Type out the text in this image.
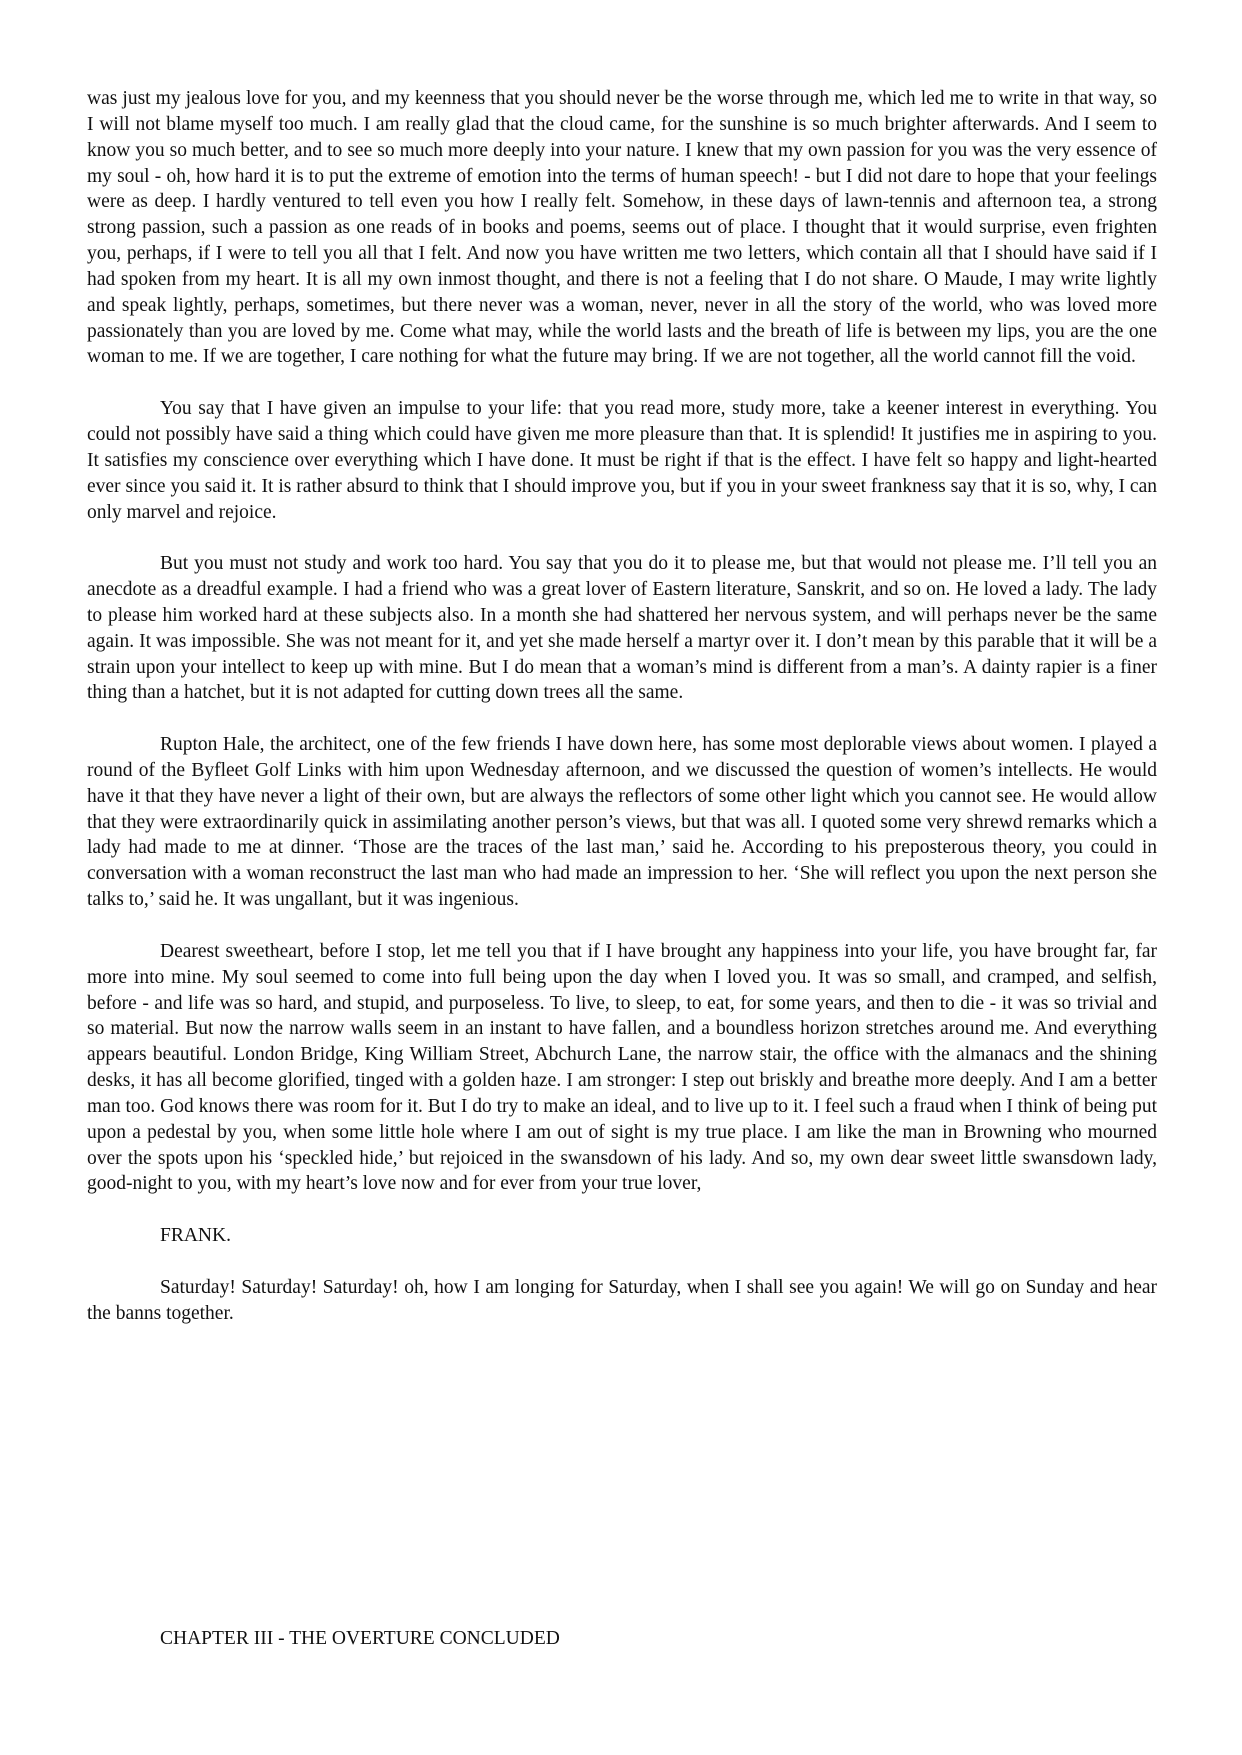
was just my jealous love for you, and my keenness that you should never be the worse through me, which led me to write in that way, so I will not blame myself too much. I am really glad that the cloud came, for the sunshine is so much brighter afterwards. And I seem to know you so much better, and to see so much more deeply into your nature. I knew that my own passion for you was the very essence of my soul - oh, how hard it is to put the extreme of emotion into the terms of human speech! - but I did not dare to hope that your feelings were as deep. I hardly ventured to tell even you how I really felt. Somehow, in these days of lawn-tennis and afternoon tea, a strong strong passion, such a passion as one reads of in books and poems, seems out of place. I thought that it would surprise, even frighten you, perhaps, if I were to tell you all that I felt. And now you have written me two letters, which contain all that I should have said if I had spoken from my heart. It is all my own inmost thought, and there is not a feeling that I do not share. O Maude, I may write lightly and speak lightly, perhaps, sometimes, but there never was a woman, never, never in all the story of the world, who was loved more passionately than you are loved by me. Come what may, while the world lasts and the breath of life is between my lips, you are the one woman to me. If we are together, I care nothing for what the future may bring. If we are not together, all the world cannot fill the void.

You say that I have given an impulse to your life: that you read more, study more, take a keener interest in everything. You could not possibly have said a thing which could have given me more pleasure than that. It is splendid! It justifies me in aspiring to you. It satisfies my conscience over everything which I have done. It must be right if that is the effect. I have felt so happy and light-hearted ever since you said it. It is rather absurd to think that I should improve you, but if you in your sweet frankness say that it is so, why, I can only marvel and rejoice.

But you must not study and work too hard. You say that you do it to please me, but that would not please me. I’ll tell you an anecdote as a dreadful example. I had a friend who was a great lover of Eastern literature, Sanskrit, and so on. He loved a lady. The lady to please him worked hard at these subjects also. In a month she had shattered her nervous system, and will perhaps never be the same again. It was impossible. She was not meant for it, and yet she made herself a martyr over it. I don’t mean by this parable that it will be a strain upon your intellect to keep up with mine. But I do mean that a woman’s mind is different from a man’s. A dainty rapier is a finer thing than a hatchet, but it is not adapted for cutting down trees all the same.

Rupton Hale, the architect, one of the few friends I have down here, has some most deplorable views about women. I played a round of the Byfleet Golf Links with him upon Wednesday afternoon, and we discussed the question of women’s intellects. He would have it that they have never a light of their own, but are always the reflectors of some other light which you cannot see. He would allow that they were extraordinarily quick in assimilating another person’s views, but that was all. I quoted some very shrewd remarks which a lady had made to me at dinner. ‘Those are the traces of the last man,’ said he. According to his preposterous theory, you could in conversation with a woman reconstruct the last man who had made an impression to her. ‘She will reflect you upon the next person she talks to,’ said he. It was ungallant, but it was ingenious.

Dearest sweetheart, before I stop, let me tell you that if I have brought any happiness into your life, you have brought far, far more into mine. My soul seemed to come into full being upon the day when I loved you. It was so small, and cramped, and selfish, before - and life was so hard, and stupid, and purposeless. To live, to sleep, to eat, for some years, and then to die - it was so trivial and so material. But now the narrow walls seem in an instant to have fallen, and a boundless horizon stretches around me. And everything appears beautiful. London Bridge, King William Street, Abchurch Lane, the narrow stair, the office with the almanacs and the shining desks, it has all become glorified, tinged with a golden haze. I am stronger: I step out briskly and breathe more deeply. And I am a better man too. God knows there was room for it. But I do try to make an ideal, and to live up to it. I feel such a fraud when I think of being put upon a pedestal by you, when some little hole where I am out of sight is my true place. I am like the man in Browning who mourned over the spots upon his ‘speckled hide,’ but rejoiced in the swansdown of his lady. And so, my own dear sweet little swansdown lady, good-night to you, with my heart’s love now and for ever from your true lover,

FRANK.

Saturday! Saturday! Saturday! oh, how I am longing for Saturday, when I shall see you again! We will go on Sunday and hear the banns together.

CHAPTER III - THE OVERTURE CONCLUDED
